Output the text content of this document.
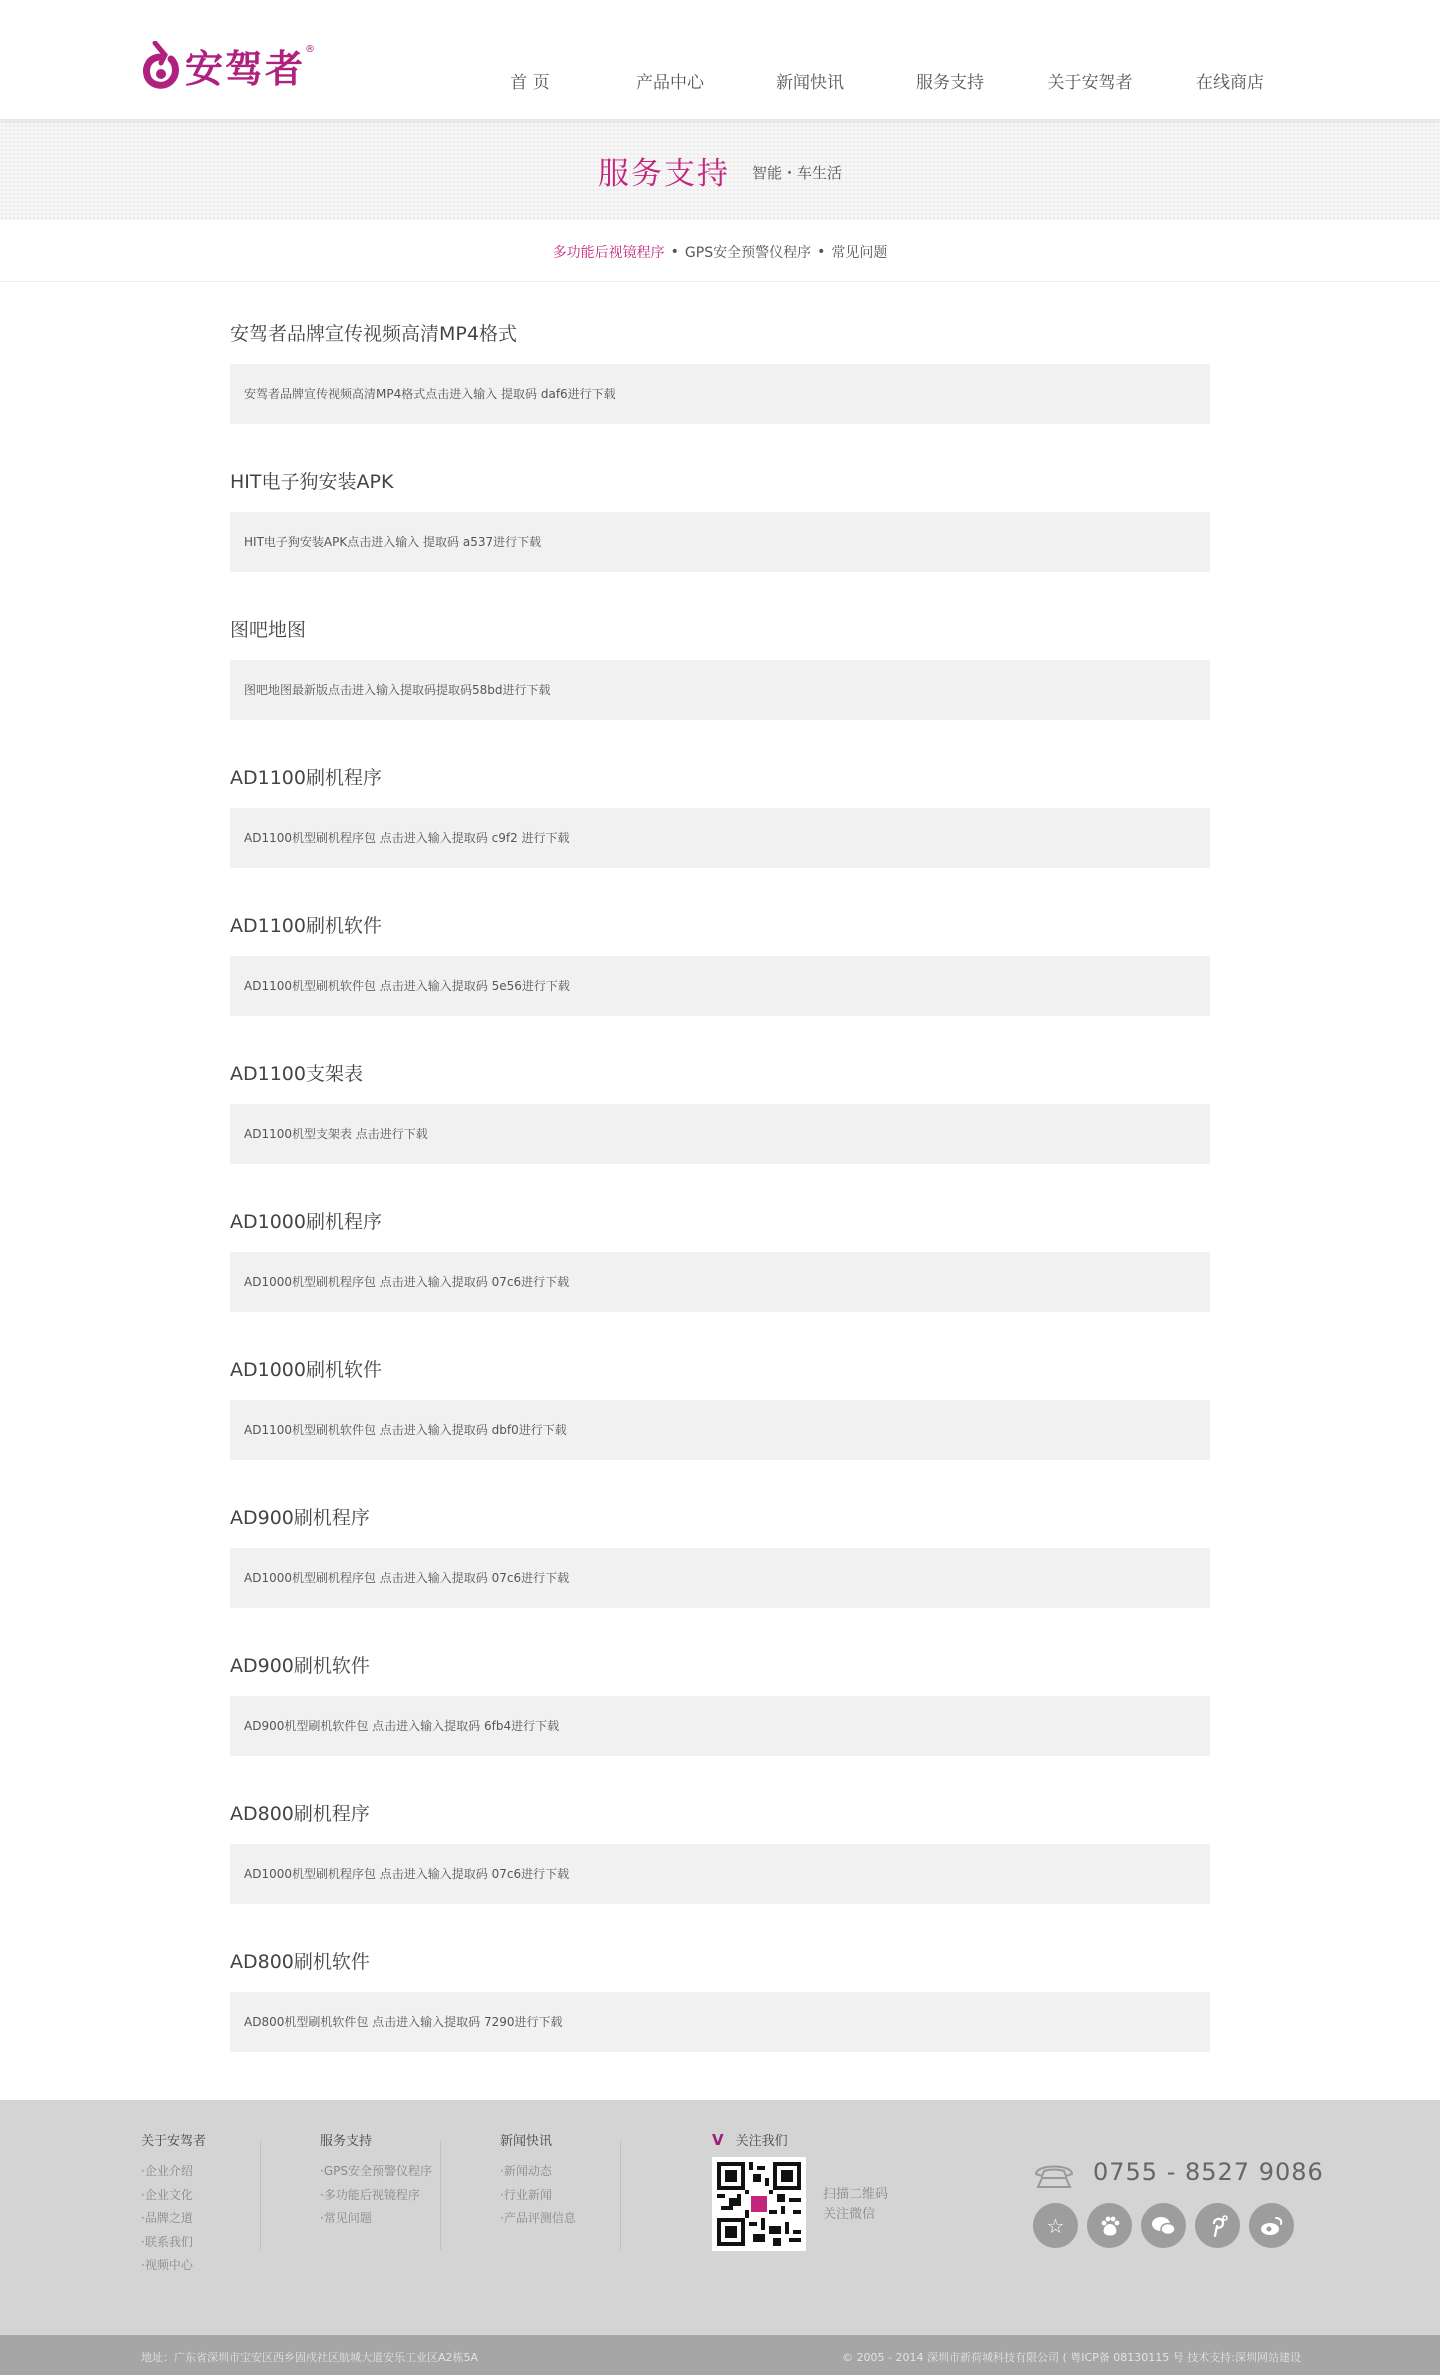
安驾者 ®
首 页	产品中心	新闻快讯	服务支持	关于安驾者	在线商店
服务支持 智能・车生活
多功能后视镜程序 • GPS安全预警仪程序 • 常见问题
安驾者品牌宣传视频高清MP4格式
安驾者品牌宣传视频高清MP4格式点击进入输入 提取码 daf6进行下载
HIT电子狗安装APK
HIT电子狗安装APK点击进入输入 提取码 a537进行下载
图吧地图
图吧地图最新版点击进入输入提取码提取码58bd进行下载
AD1100刷机程序
AD1100机型刷机程序包 点击进入输入提取码 c9f2 进行下载
AD1100刷机软件
AD1100机型刷机软件包 点击进入输入提取码 5e56进行下载
AD1100支架表
AD1100机型支架表 点击进行下载
AD1000刷机程序
AD1000机型刷机程序包 点击进入输入提取码 07c6进行下载
AD1000刷机软件
AD1100机型刷机软件包 点击进入输入提取码 dbf0进行下载
AD900刷机程序
AD1000机型刷机程序包 点击进入输入提取码 07c6进行下载
AD900刷机软件
AD900机型刷机软件包 点击进入输入提取码 6fb4进行下载
AD800刷机程序
AD1000机型刷机程序包 点击进入输入提取码 07c6进行下载
AD800刷机软件
AD800机型刷机软件包 点击进入输入提取码 7290进行下载
关于安驾者
·企业介绍
·企业文化
·品牌之道
·联系我们
·视频中心
服务支持
·GPS安全预警仪程序
·多功能后视镜程序
·常见问题
新闻快讯
·新闻动态
·行业新闻
·产品评测信息
V 关注我们
扫描二维码
关注微信
0755 - 8527 9086
☆
地址：广东省深圳市宝安区西乡固戍社区航城大道安乐工业区A2栋5A	© 2005 - 2014 深圳市新荷城科技有限公司 ( 粤ICP备 08130115 号 技术支持:深圳网站建设
